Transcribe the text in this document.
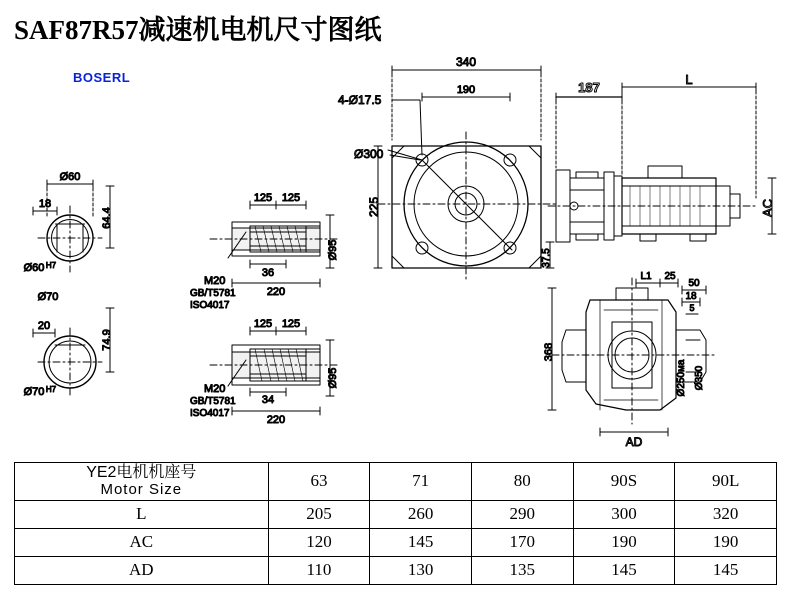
SAF87R57减速机电机尺寸图纸
BOSERL
Ø60
18
64.4
Ø60 H7
Ø70
20
74.9
Ø70 H7
125 125
36
220
Ø95
M20
GB/T5781
ISO4017
125 125
34
220
Ø95
M20
GB/T5781
ISO4017
340
190
4-Ø17.5
Ø300
225
187
L
AC
37.5
L1 25
50
18
5
368
Ø250ма Ø350
AD
YE2电机机座号
Motor Size	63	71	80	90S	90L
L	205	260	290	300	320
AC	120	145	170	190	190
AD	110	130	135	145	145
